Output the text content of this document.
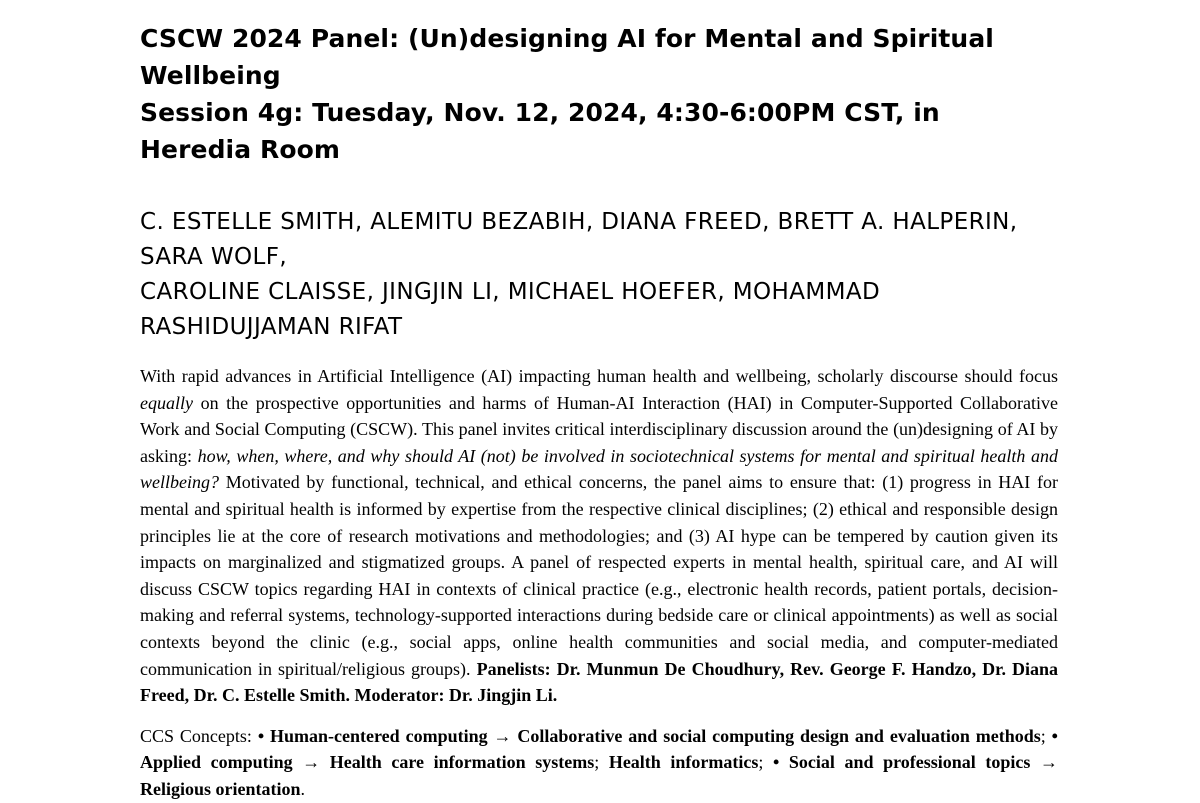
CSCW 2024 Panel: (Un)designing AI for Mental and Spiritual Wellbeing
Session 4g: Tuesday, Nov. 12, 2024, 4:30-6:00PM CST, in Heredia Room
C. ESTELLE SMITH, ALEMITU BEZABIH, DIANA FREED, BRETT A. HALPERIN, SARA WOLF,
CAROLINE CLAISSE, JINGJIN LI, MICHAEL HOEFER, MOHAMMAD RASHIDUJJAMAN RIFAT

With rapid advances in Artificial Intelligence (AI) impacting human health and wellbeing, scholarly discourse should focus equally on the prospective opportunities and harms of Human-AI Interaction (HAI) in Computer-Supported Collaborative Work and Social Computing (CSCW). This panel invites critical interdisciplinary discussion around the (un)designing of AI by asking: how, when, where, and why should AI (not) be involved in sociotechnical systems for mental and spiritual health and wellbeing? Motivated by functional, technical, and ethical concerns, the panel aims to ensure that: (1) progress in HAI for mental and spiritual health is informed by expertise from the respective clinical disciplines; (2) ethical and responsible design principles lie at the core of research motivations and methodologies; and (3) AI hype can be tempered by caution given its impacts on marginalized and stigmatized groups. A panel of respected experts in mental health, spiritual care, and AI will discuss CSCW topics regarding HAI in contexts of clinical practice (e.g., electronic health records, patient portals, decision-making and referral systems, technology-supported interactions during bedside care or clinical appointments) as well as social contexts beyond the clinic (e.g., social apps, online health communities and social media, and computer-mediated communication in spiritual/religious groups). Panelists: Dr. Munmun De Choudhury, Rev. George F. Handzo, Dr. Diana Freed, Dr. C. Estelle Smith. Moderator: Dr. Jingjin Li.

CCS Concepts: • Human-centered computing → Collaborative and social computing design and evaluation methods; • Applied computing → Health care information systems; Health informatics; • Social and professional topics → Religious orientation.
